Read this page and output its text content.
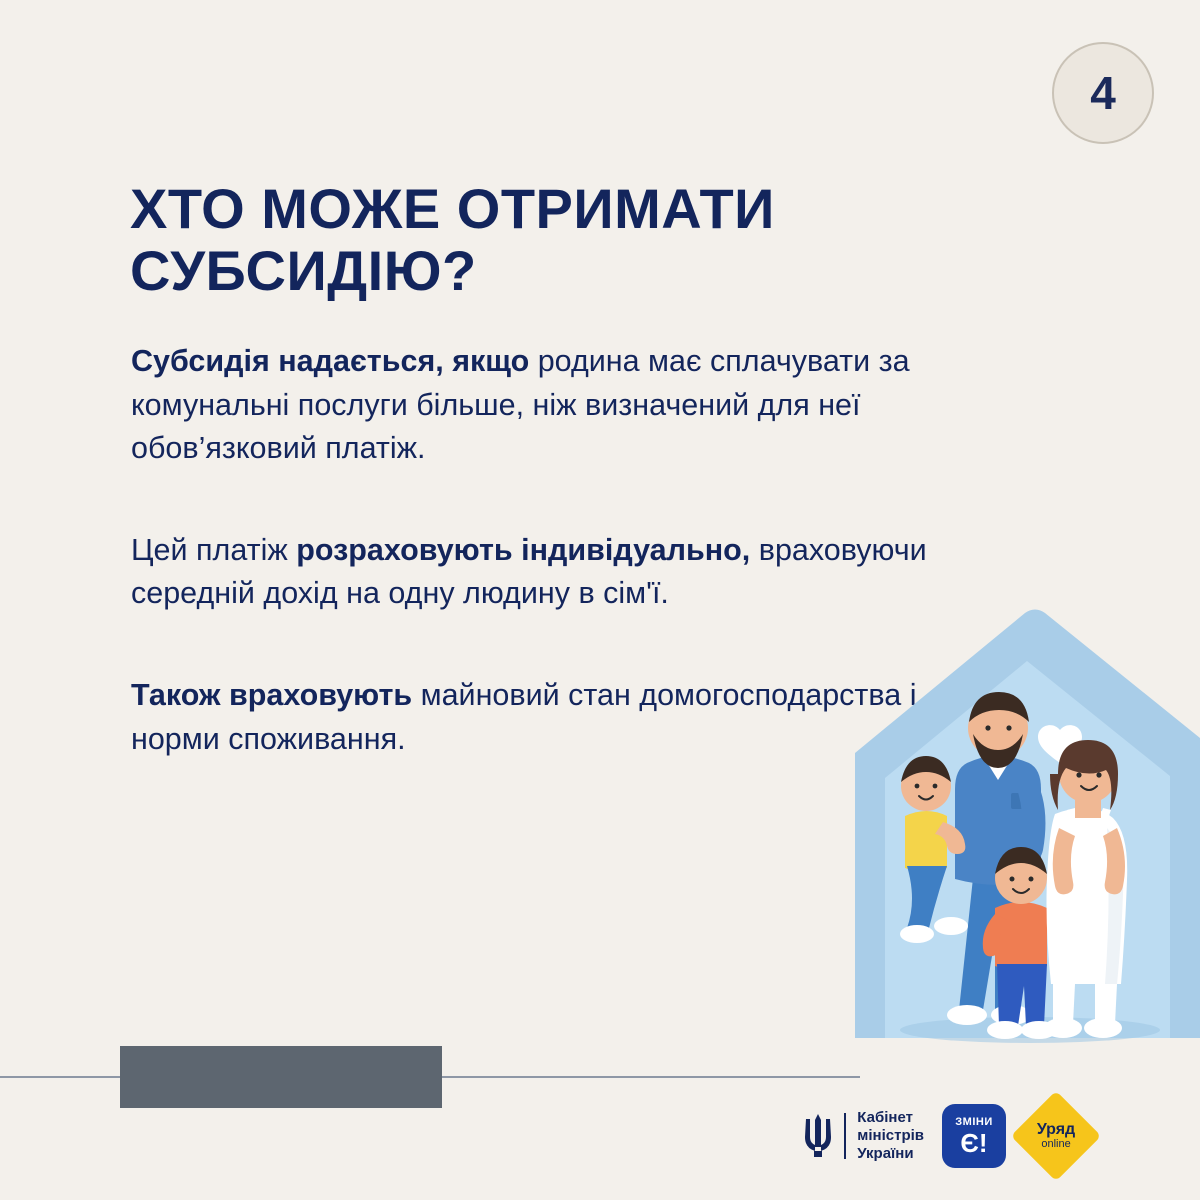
4
ХТО МОЖЕ ОТРИМАТИ СУБСИДІЮ?

Субсидія надається, якщо родина має сплачувати за комунальні послуги більше, ніж визначений для неї обов’язковий платіж.

Цей платіж розраховують індивідуально, враховуючи середній дохід на одну людину в сім'ї.

Також враховують майновий стан домогосподарства і норми споживання.

Кабінет
міністрів
України
ЗМІНИ
Є!	Уряд
online
